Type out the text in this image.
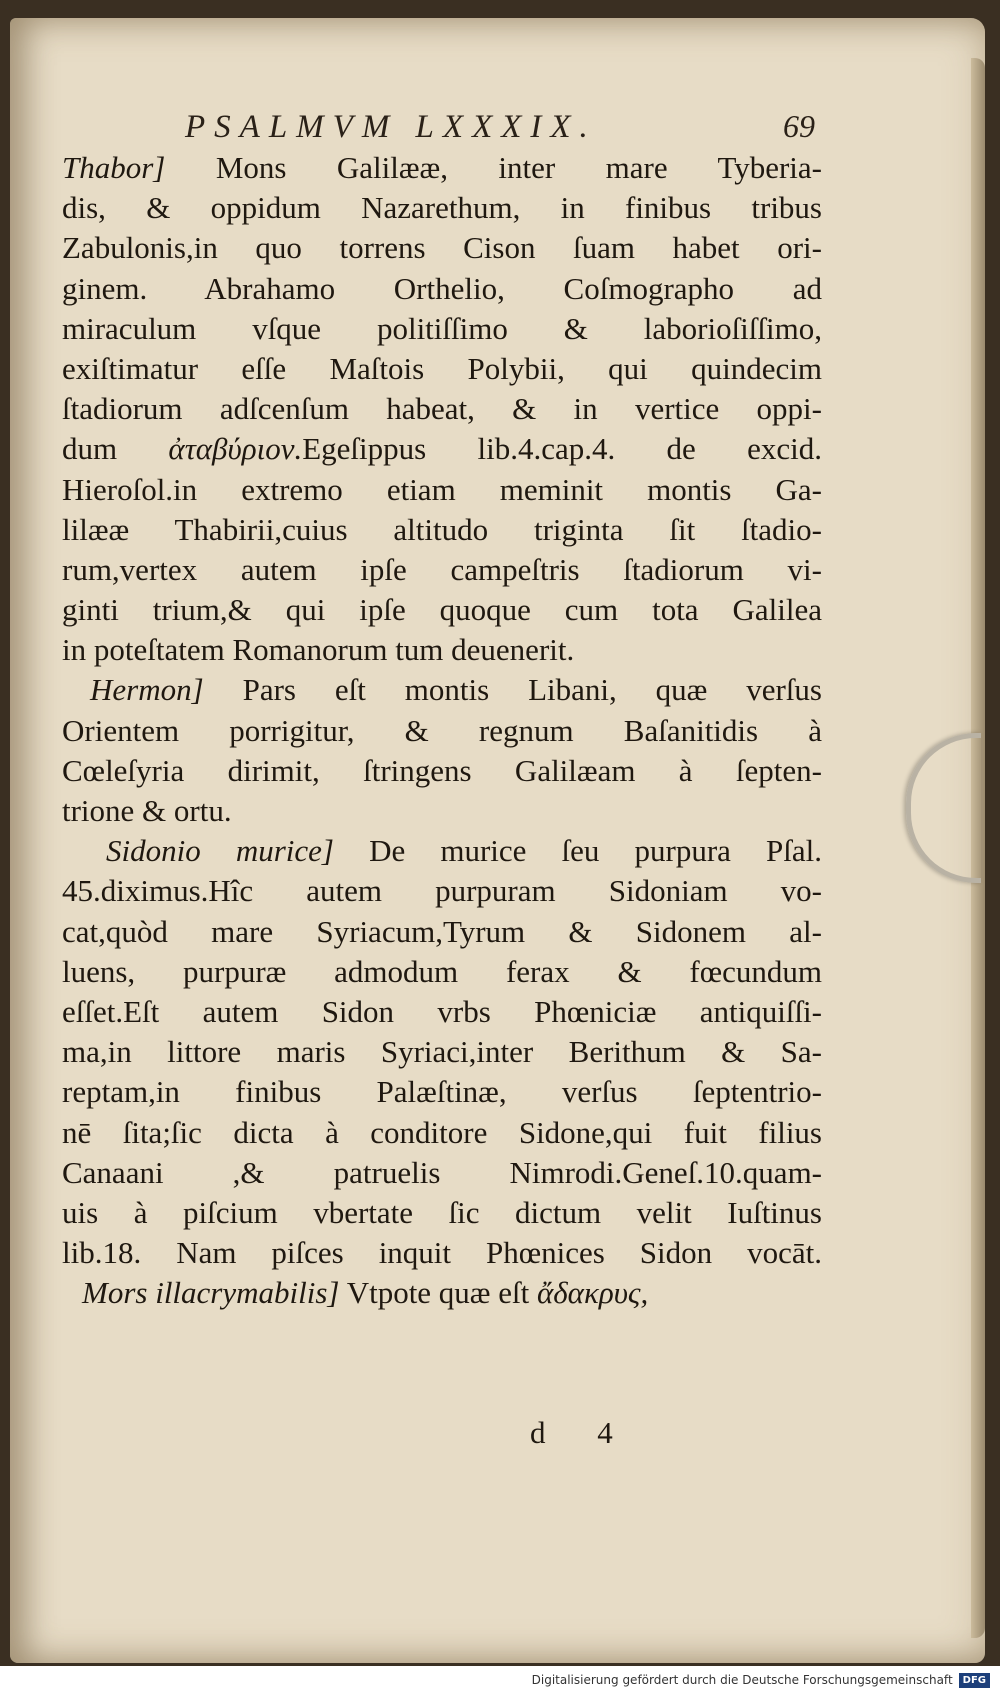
PSALMVM LXXXIX.	69
Thabor] Mons Galilææ, inter mare Tyberia-
dis, & oppidum Nazarethum, in finibus tribus
Zabulonis,in quo torrens Cison ſuam habet ori-
ginem. Abrahamo Orthelio, Coſmographo ad
miraculum vſque politiſſimo & laborioſiſſimo,
exiſtimatur eſſe Maſtois Polybii, qui quindecim
ſtadiorum adſcenſum habeat, & in vertice oppi-
dum ἀταβύριον.Egeſippus lib.4.cap.4. de excid.
Hieroſol.in extremo etiam meminit montis Ga-
lilææ Thabirii,cuius altitudo triginta ſit ſtadio-
rum,vertex autem ipſe campeſtris ſtadiorum vi-
ginti trium,& qui ipſe quoque cum tota Galilea
in poteſtatem Romanorum tum deuenerit.
Hermon] Pars eſt montis Libani, quæ verſus
Orientem porrigitur, & regnum Baſanitidis à
Cœleſyria dirimit, ſtringens Galilæam à ſepten-
trione & ortu.
Sidonio murice] De murice ſeu purpura Pſal.
45.diximus.Hîc autem purpuram Sidoniam vo-
cat,quòd mare Syriacum,Tyrum & Sidonem al-
luens, purpuræ admodum ferax & fœcundum
eſſet.Eſt autem Sidon vrbs Phœniciæ antiquiſſi-
ma,in littore maris Syriaci,inter Berithum & Sa-
reptam,in finibus Palæſtinæ, verſus ſeptentrio-
nē ſita;ſic dicta à conditore Sidone,qui fuit filius
Canaani ,& patruelis Nimrodi.Geneſ.10.quam-
uis à piſcium vbertate ſic dictum velit Iuſtinus
lib.18. Nam piſces inquit Phœnices Sidon vocāt.
Mors illacrymabilis] Vtpote quæ eſt ἄδακρυς,
d 4
Digitalisierung gefördert durch die Deutsche Forschungsgemeinschaft	DFG
